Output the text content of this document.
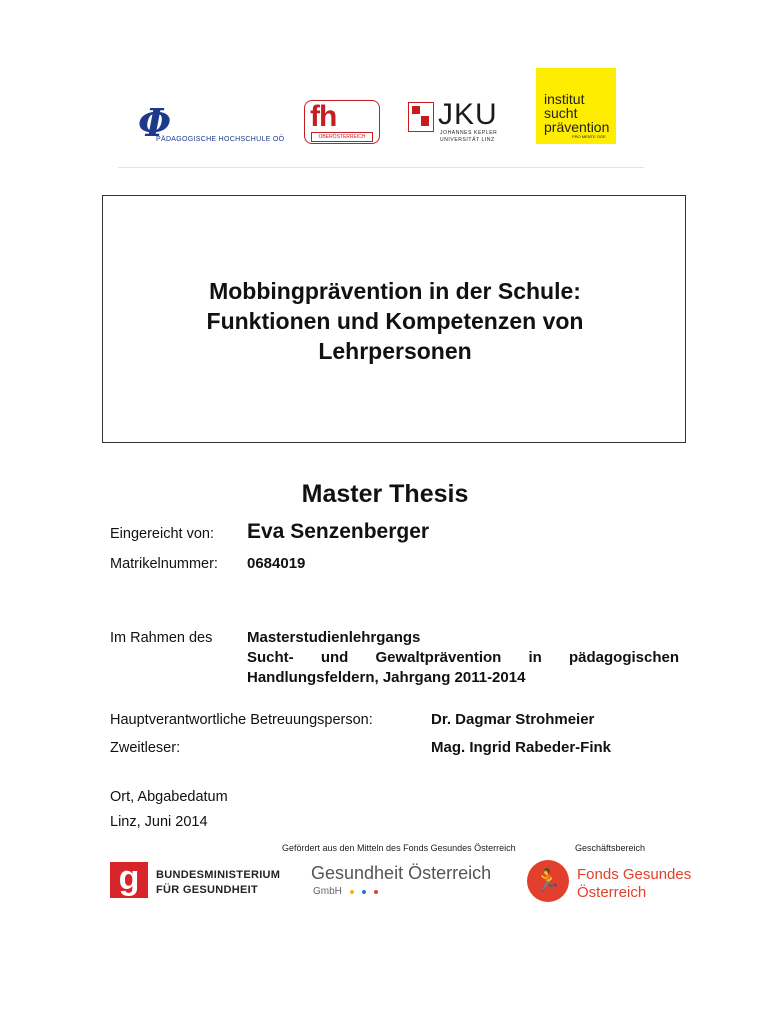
Φ
PÄDAGOGISCHE HOCHSCHULE OÖ
fh
OBERÖSTERREICH
JKU
JOHANNES KEPLER
UNIVERSITÄT LINZ
institut
sucht
prävention
PRO MENTE OÖE
Mobbingprävention in der Schule:
Funktionen und Kompetenzen von
Lehrpersonen
Master Thesis
Eingereicht von: Eva Senzenberger
Matrikelnummer: 0684019
Im Rahmen des Masterstudienlehrgangs
Sucht- und Gewaltprävention in pädagogischen
Handlungsfeldern, Jahrgang 2011-2014
Hauptverantwortliche Betreuungsperson:	Dr. Dagmar Strohmeier
Zweitleser:	Mag. Ingrid Rabeder-Fink
Ort, Abgabedatum
Linz, Juni 2014
Gefördert aus den Mitteln des Fonds Gesundes Österreich	Geschäftsbereich
g	BUNDESMINISTERIUM
FÜR GESUNDHEIT
Gesundheit Österreich
GmbH	🏃	Fonds Gesundes
Österreich
